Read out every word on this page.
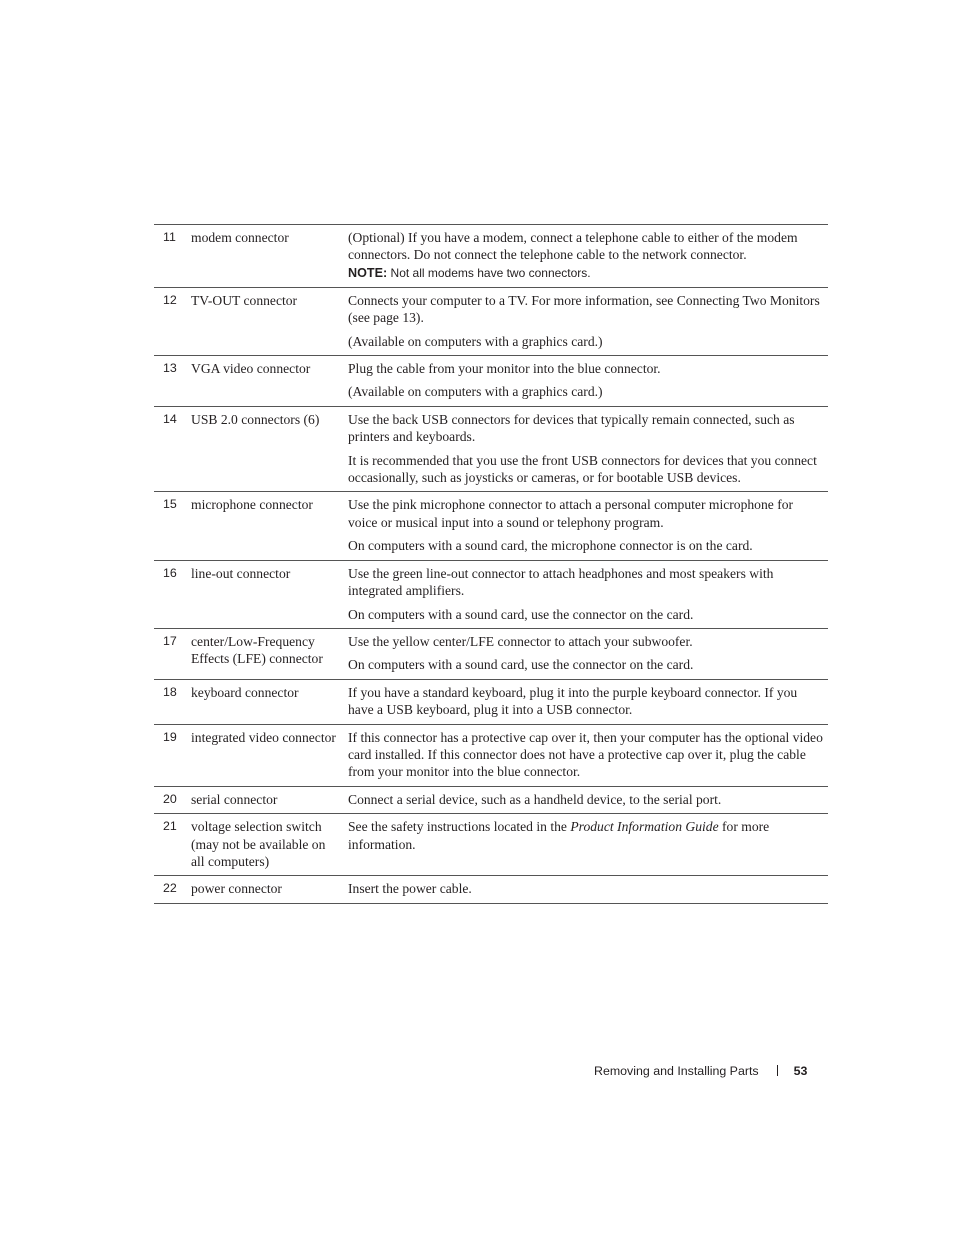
11	modem connector	(Optional) If you have a modem, connect a telephone cable to either of the modem connectors. Do not connect the telephone cable to the network connector.

NOTE: Not all modems have two connectors.

12	TV-OUT connector	Connects your computer to a TV. For more information, see Connecting Two Monitors (see page 13).

(Available on computers with a graphics card.)

13	VGA video connector	Plug the cable from your monitor into the blue connector.

(Available on computers with a graphics card.)

14	USB 2.0 connectors (6)	Use the back USB connectors for devices that typically remain connected, such as printers and keyboards.

It is recommended that you use the front USB connectors for devices that you connect occasionally, such as joysticks or cameras, or for bootable USB devices.

15	microphone connector	Use the pink microphone connector to attach a personal computer microphone for voice or musical input into a sound or telephony program.

On computers with a sound card, the microphone connector is on the card.

16	line-out connector	Use the green line-out connector to attach headphones and most speakers with integrated amplifiers.

On computers with a sound card, use the connector on the card.

17	center/Low-Frequency Effects (LFE) connector	Use the yellow center/LFE connector to attach your subwoofer.

On computers with a sound card, use the connector on the card.

18	keyboard connector	If you have a standard keyboard, plug it into the purple keyboard connector. If you have a USB keyboard, plug it into a USB connector.

19	integrated video connector	If this connector has a protective cap over it, then your computer has the optional video card installed. If this connector does not have a protective cap over it, plug the cable from your monitor into the blue connector.

20	serial connector	Connect a serial device, such as a handheld device, to the serial port.

21	voltage selection switch (may not be available on all computers)	See the safety instructions located in the Product Information Guide for more information.

22	power connector	Insert the power cable.

Removing and Installing Parts	53
